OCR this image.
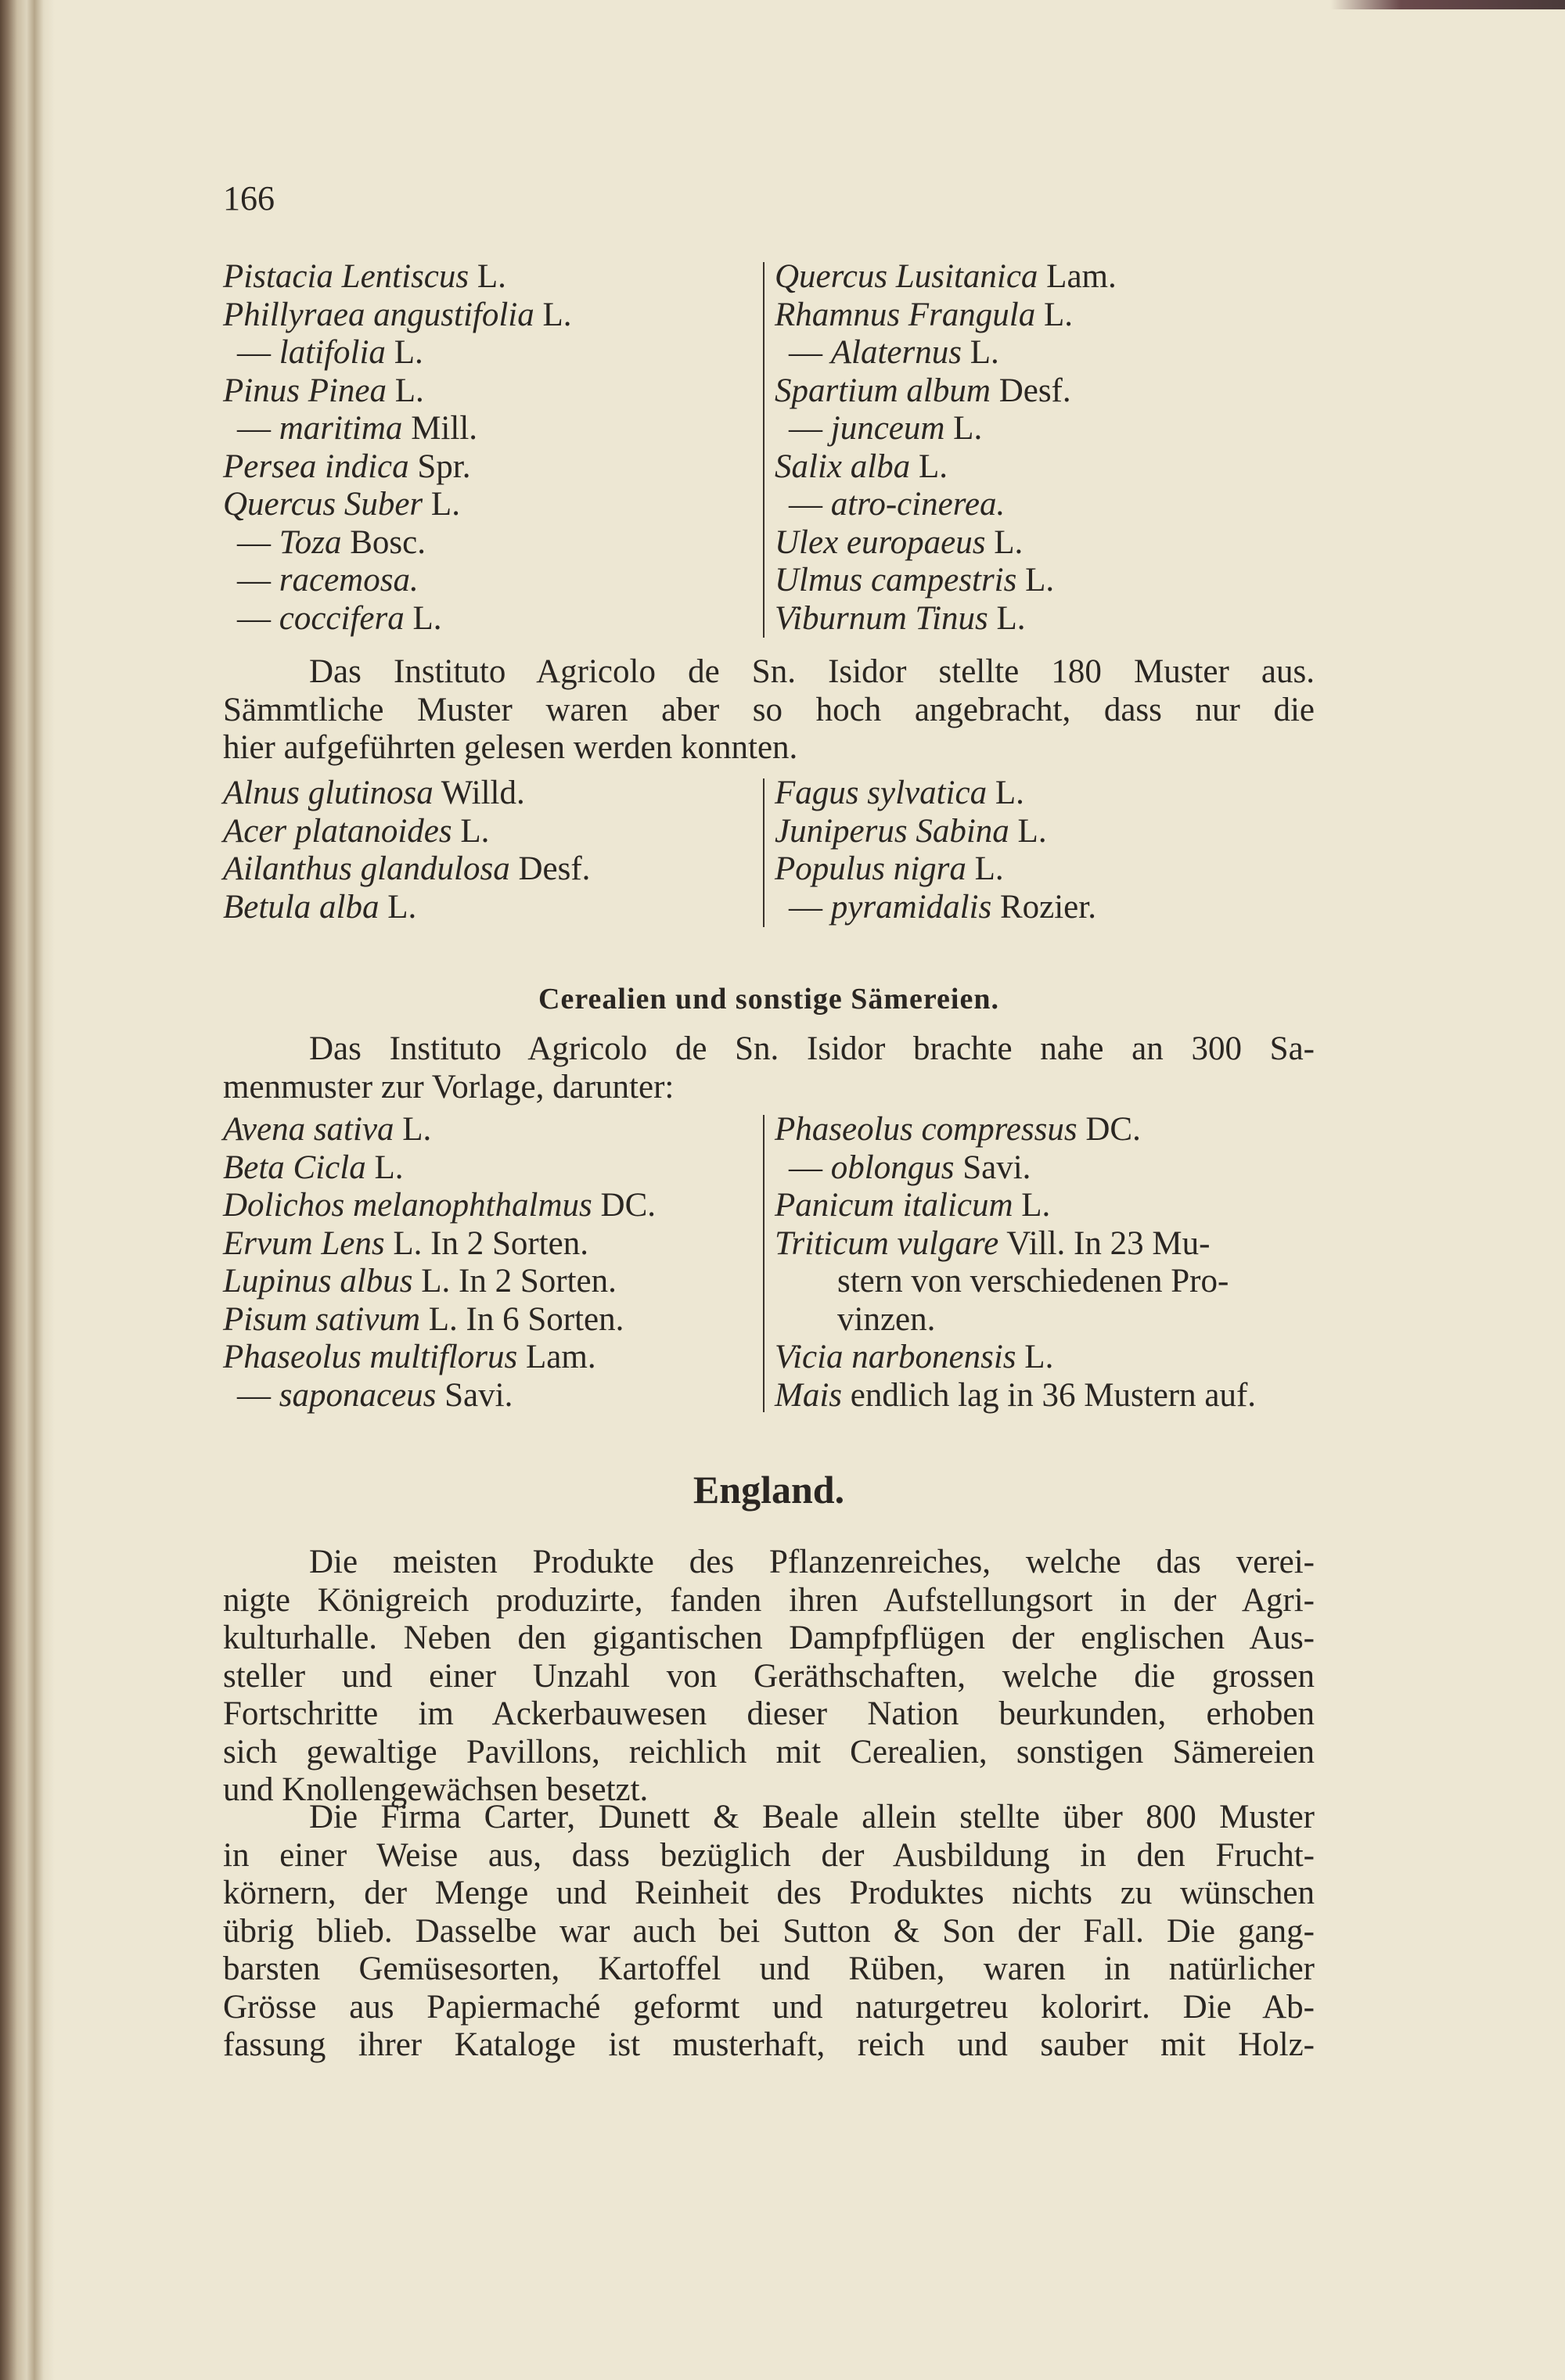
166
Pistacia Lentiscus L.
Phillyraea angustifolia L.
— latifolia L.
Pinus Pinea L.
— maritima Mill.
Persea indica Spr.
Quercus Suber L.
— Toza Bosc.
— racemosa.
— coccifera L.
Quercus Lusitanica Lam.
Rhamnus Frangula L.
— Alaternus L.
Spartium album Desf.
— junceum L.
Salix alba L.
— atro-cinerea.
Ulex europaeus L.
Ulmus campestris L.
Viburnum Tinus L.
Das Instituto Agricolo de Sn. Isidor stellte 180 Muster aus.
Sämmtliche Muster waren aber so hoch angebracht, dass nur die
hier aufgeführten gelesen werden konnten.
Alnus glutinosa Willd.
Acer platanoides L.
Ailanthus glandulosa Desf.
Betula alba L.
Fagus sylvatica L.
Juniperus Sabina L.
Populus nigra L.
— pyramidalis Rozier.
Cerealien und sonstige Sämereien.
Das Instituto Agricolo de Sn. Isidor brachte nahe an 300 Sa-
menmuster zur Vorlage, darunter:
Avena sativa L.
Beta Cicla L.
Dolichos melanophthalmus DC.
Ervum Lens L. In 2 Sorten.
Lupinus albus L. In 2 Sorten.
Pisum sativum L. In 6 Sorten.
Phaseolus multiflorus Lam.
— saponaceus Savi.
Phaseolus compressus DC.
— oblongus Savi.
Panicum italicum L.
Triticum vulgare Vill. In 23 Mu-
stern von verschiedenen Pro-
vinzen.
Vicia narbonensis L.
Mais endlich lag in 36 Mustern auf.
England.
Die meisten Produkte des Pflanzenreiches, welche das verei-
nigte Königreich produzirte, fanden ihren Aufstellungsort in der Agri-
kulturhalle. Neben den gigantischen Dampfpflügen der englischen Aus-
steller und einer Unzahl von Geräthschaften, welche die grossen
Fortschritte im Ackerbauwesen dieser Nation beurkunden, erhoben
sich gewaltige Pavillons, reichlich mit Cerealien, sonstigen Sämereien
und Knollengewächsen besetzt.
Die Firma Carter, Dunett & Beale allein stellte über 800 Muster
in einer Weise aus, dass bezüglich der Ausbildung in den Frucht-
körnern, der Menge und Reinheit des Produktes nichts zu wünschen
übrig blieb. Dasselbe war auch bei Sutton & Son der Fall. Die gang-
barsten Gemüsesorten, Kartoffel und Rüben, waren in natürlicher
Grösse aus Papiermaché geformt und naturgetreu kolorirt. Die Ab-
fassung ihrer Kataloge ist musterhaft, reich und sauber mit Holz-
